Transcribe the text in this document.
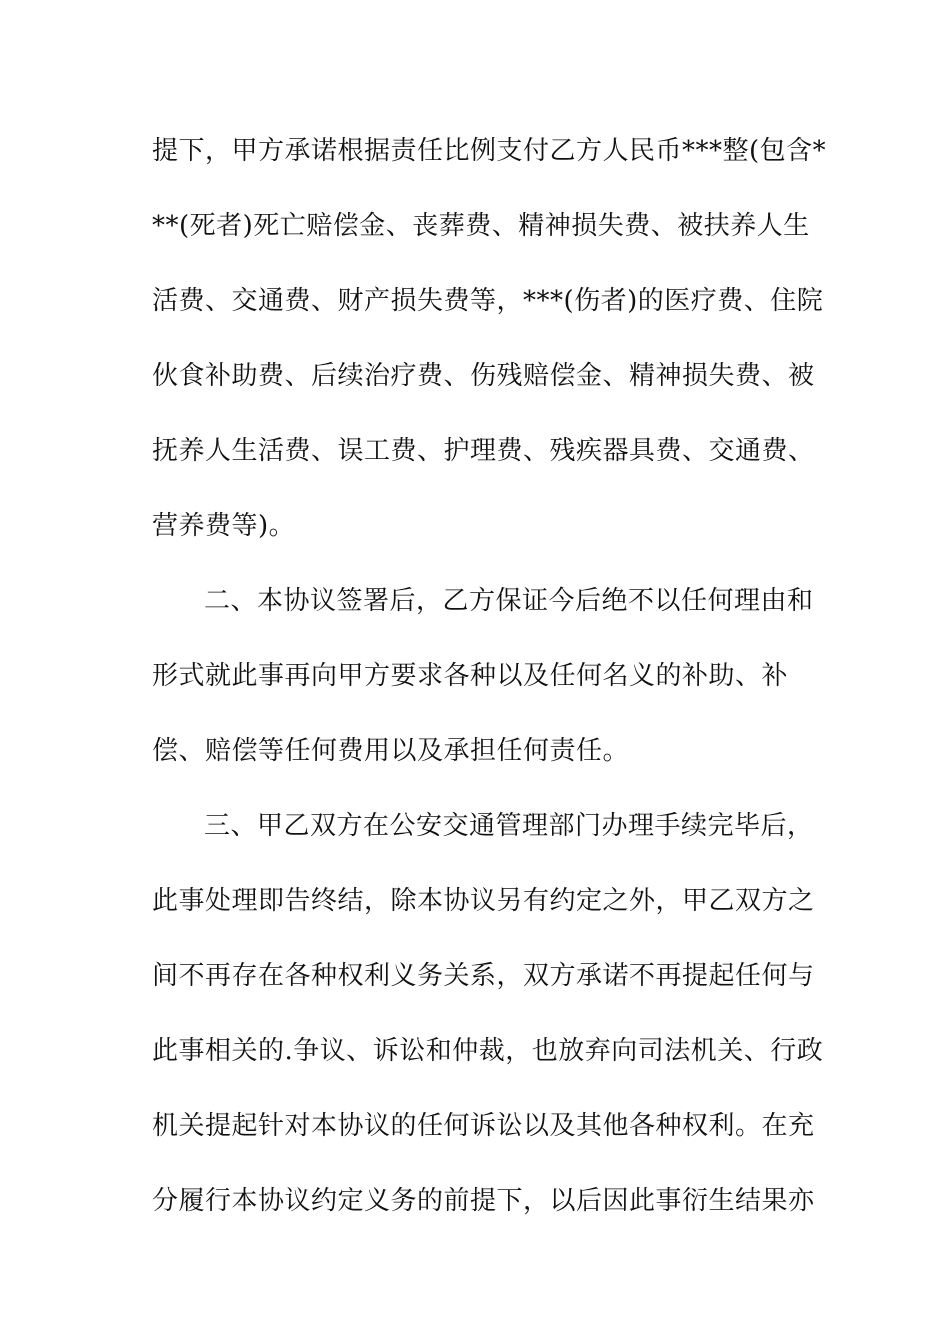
提下，甲方承诺根据责任比例支付乙方人民币***整(包含*
**(死者)死亡赔偿金、丧葬费、精神损失费、被扶养人生
活费、交通费、财产损失费等，***(伤者)的医疗费、住院
伙食补助费、后续治疗费、伤残赔偿金、精神损失费、被
抚养人生活费、误工费、护理费、残疾器具费、交通费、
营养费等)。
二、本协议签署后，乙方保证今后绝不以任何理由和
形式就此事再向甲方要求各种以及任何名义的补助、补
偿、赔偿等任何费用以及承担任何责任。
三、甲乙双方在公安交通管理部门办理手续完毕后，
此事处理即告终结，除本协议另有约定之外，甲乙双方之
间不再存在各种权利义务关系，双方承诺不再提起任何与
此事相关的.争议、诉讼和仲裁，也放弃向司法机关、行政
机关提起针对本协议的任何诉讼以及其他各种权利。在充
分履行本协议约定义务的前提下，以后因此事衍生结果亦
